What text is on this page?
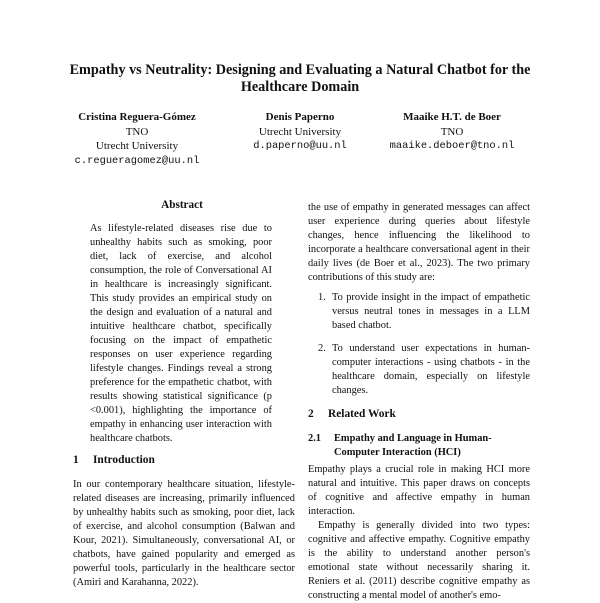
Empathy vs Neutrality: Designing and Evaluating a Natural Chatbot for the Healthcare Domain
Cristina Reguera-Gómez
TNO
Utrecht University
c.regueragomez@uu.nl
Denis Paperno
Utrecht University
d.paperno@uu.nl
Maaike H.T. de Boer
TNO
maaike.deboer@tno.nl
Abstract

As lifestyle-related diseases rise due to unhealthy habits such as smoking, poor diet, lack of exercise, and alcohol consumption, the role of Conversational AI in healthcare is increasingly significant. This study provides an empirical study on the design and evaluation of a natural and intuitive healthcare chatbot, specifically focusing on the impact of empathetic responses on user experience regarding lifestyle changes. Findings reveal a strong preference for the empathetic chatbot, with results showing statistical significance (p <0.001), highlighting the importance of empathy in enhancing user interaction with healthcare chatbots.

1 Introduction

In our contemporary healthcare situation, lifestyle-related diseases are increasing, primarily influenced by unhealthy habits such as smoking, poor diet, lack of exercise, and alcohol consumption (Balwan and Kour, 2021). Simultaneously, conversational AI, or chatbots, have gained popularity and emerged as powerful tools, particularly in the healthcare sector (Amiri and Karahanna, 2022).

the use of empathy in generated messages can affect user experience during queries about lifestyle changes, hence influencing the likelihood to incorporate a healthcare conversational agent in their daily lives (de Boer et al., 2023). The two primary contributions of this study are:

1. To provide insight in the impact of empathetic versus neutral tones in messages in a LLM based chatbot.
2. To understand user expectations in human-computer interactions - using chatbots - in the healthcare domain, especially on lifestyle changes.
2 Related Work
2.1	Empathy and Language in Human-Computer Interaction (HCI)

Empathy plays a crucial role in making HCI more natural and intuitive. This paper draws on concepts of cognitive and affective empathy in human interaction.

Empathy is generally divided into two types: cognitive and affective empathy. Cognitive empathy is the ability to understand another person's emotional state without necessarily sharing it. Reniers et al. (2011) describe cognitive empathy as constructing a mental model of another's emo-
